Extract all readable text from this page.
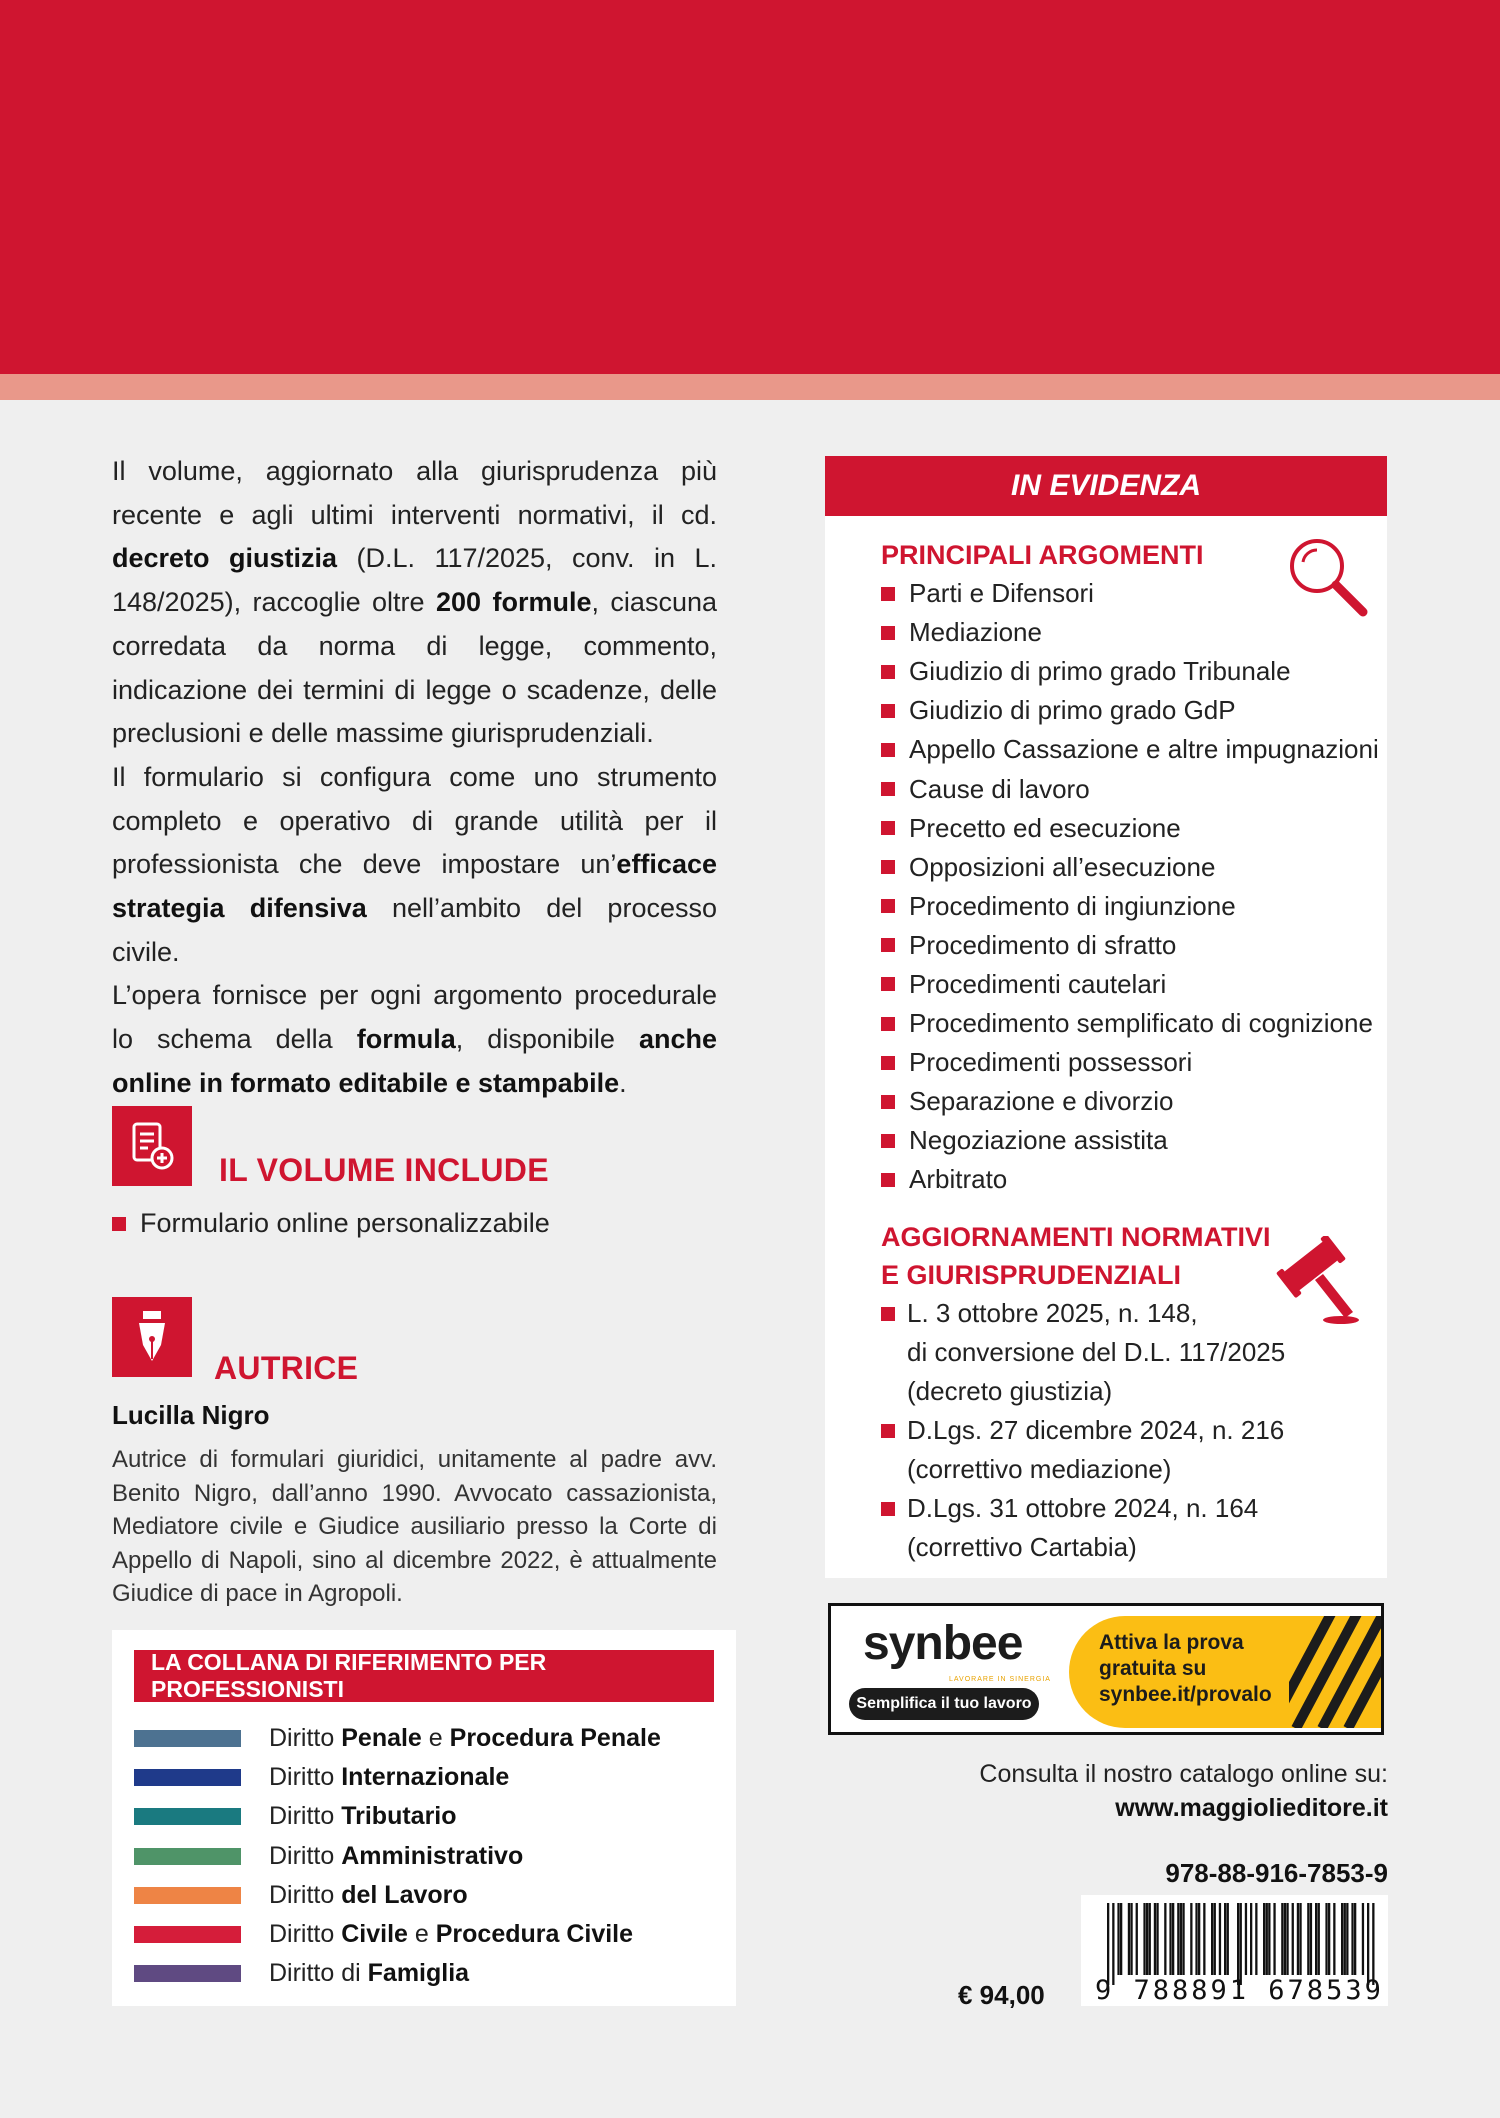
Il volume, aggiornato alla giurisprudenza più recente e agli ultimi interventi normativi, il cd. decreto giustizia (D.L. 117/2025, conv. in L. 148/2025), raccoglie oltre 200 formule, ciascuna corredata da norma di legge, commento, indicazione dei termini di legge o scadenze, delle preclusioni e delle massime giurisprudenziali.

Il formulario si configura come uno strumento completo e operativo di grande utilità per il professionista che deve impostare un’efficace strategia difensiva nell’ambito del processo civile.

L’opera fornisce per ogni argomento procedurale lo schema della formula, disponibile anche online in formato editabile e stampabile.

IL VOLUME INCLUDE
Formulario online personalizzabile
AUTRICE
Lucilla Nigro
Autrice di formulari giuridici, unitamente al padre avv. Benito Nigro, dall’anno 1990. Avvocato cassazionista, Mediatore civile e Giudice ausiliario presso la Corte di Appello di Napoli, sino al dicembre 2022, è attualmente Giudice di pace in Agropoli.
LA COLLANA DI RIFERIMENTO PER PROFESSIONISTI
Diritto Penale e Procedura Penale
Diritto Internazionale
Diritto Tributario
Diritto Amministrativo
Diritto del Lavoro
Diritto Civile e Procedura Civile
Diritto di Famiglia
IN EVIDENZA
PRINCIPALI ARGOMENTI
Parti e Difensori
Mediazione
Giudizio di primo grado Tribunale
Giudizio di primo grado GdP
Appello Cassazione e altre impugnazioni
Cause di lavoro
Precetto ed esecuzione
Opposizioni all’esecuzione
Procedimento di ingiunzione
Procedimento di sfratto
Procedimenti cautelari
Procedimento semplificato di cognizione
Procedimenti possessori
Separazione e divorzio
Negoziazione assistita
Arbitrato
AGGIORNAMENTI NORMATIVI
E GIURISPRUDENZIALI
L. 3 ottobre 2025, n. 148,
di conversione del D.L. 117/2025
(decreto giustizia)
D.Lgs. 27 dicembre 2024, n. 216
(correttivo mediazione)
D.Lgs. 31 ottobre 2024, n. 164
(correttivo Cartabia)
synbee
LAVORARE IN SINERGIA
Semplifica il tuo lavoro
Attiva la prova
gratuita su
synbee.it/provalo
Consulta il nostro catalogo online su:
www.maggiolieditore.it
978-88-916-7853-9
9 788891 678539
€ 94,00
